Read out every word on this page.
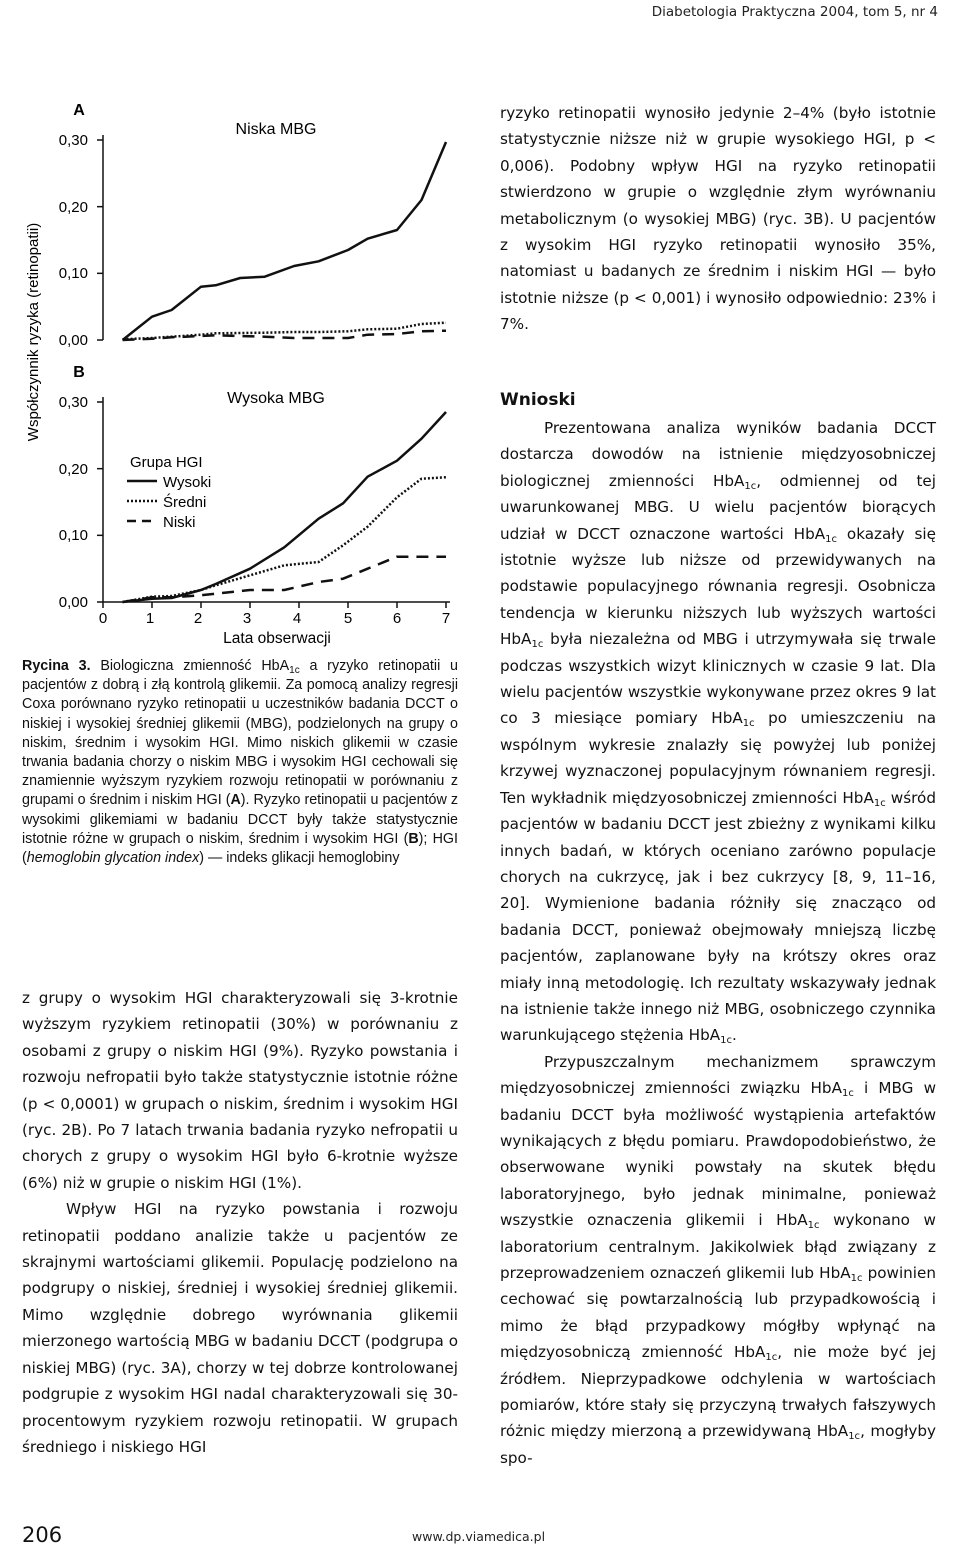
Diabetologia Praktyczna 2004, tom 5, nr 4
Współczynnik ryzyka (retinopatii)
Lata obserwacji
A
Niska MBG
0,30
0,20
0,10
0,00
B
Wysoka MBG
0,30
0,20
0,10
0,00
0	1	2	3	4	5	6	7
Grupa HGI
Wysoki
Średni
Niski
Rycina 3. Biologiczna zmienność HbA$_{1c}$ a ryzyko retinopatii u pacjentów z dobrą i złą kontrolą glikemii. Za pomocą analizy regresji Coxa porównano ryzyko retinopatii u uczestników badania DCCT o niskiej i wysokiej średniej glikemii (MBG), podzielonych na grupy o niskim, średnim i wysokim HGI. Mimo niskich glikemii w czasie trwania badania chorzy o niskim MBG i wysokim HGI cechowali się znamiennie wyższym ryzykiem rozwoju retinopatii w porównaniu z grupami o średnim i niskim HGI (A). Ryzyko retinopatii u pacjentów z wysokimi glikemiami w badaniu DCCT były także statystycznie istotnie różne w grupach o niskim, średnim i wysokim HGI (B); HGI (hemoglobin glycation index) — indeks glikacji hemoglobiny

z grupy o wysokim HGI charakteryzowali się 3-krotnie wyższym ryzykiem retinopatii (30%) w porównaniu z osobami z grupy o niskim HGI (9%). Ryzyko powstania i rozwoju nefropatii było także statystycznie istotnie różne (p < 0,0001) w grupach o niskim, średnim i wysokim HGI (ryc. 2B). Po 7 latach trwania badania ryzyko nefropatii u chorych z grupy o wysokim HGI było 6-krotnie wyższe (6%) niż w grupie o niskim HGI (1%).

Wpływ HGI na ryzyko powstania i rozwoju retinopatii poddano analizie także u pacjentów ze skrajnymi wartościami glikemii. Populację podzielono na podgrupy o niskiej, średniej i wysokiej średniej glikemii. Mimo względnie dobrego wyrównania glikemii mierzonego wartością MBG w badaniu DCCT (podgrupa o niskiej MBG) (ryc. 3A), chorzy w tej dobrze kontrolowanej podgrupie z wysokim HGI nadal charakteryzowali się 30-procentowym ryzykiem rozwoju retinopatii. W grupach średniego i niskiego HGI

ryzyko retinopatii wynosiło jedynie 2–4% (było istotnie statystycznie niższe niż w grupie wysokiego HGI, p < 0,006). Podobny wpływ HGI na ryzyko retinopatii stwierdzono w grupie o względnie złym wyrównaniu metabolicznym (o wysokiej MBG) (ryc. 3B). U pacjentów z wysokim HGI ryzyko retinopatii wynosiło 35%, natomiast u badanych ze średnim i niskim HGI — było istotnie niższe (p < 0,001) i wynosiło odpowiednio: 23% i 7%.

Wnioski

Prezentowana analiza wyników badania DCCT dostarcza dowodów na istnienie międzyosobniczej biologicznej zmienności HbA$_{1c}$, odmiennej od tej uwarunkowanej MBG. U wielu pacjentów biorących udział w DCCT oznaczone wartości HbA$_{1c}$ okazały się istotnie wyższe lub niższe od przewidywanych na podstawie populacyjnego równania regresji. Osobnicza tendencja w kierunku niższych lub wyższych wartości HbA$_{1c}$ była niezależna od MBG i utrzymywała się trwale podczas wszystkich wizyt klinicznych w czasie 9 lat. Dla wielu pacjentów wszystkie wykonywane przez okres 9 lat co 3 miesiące pomiary HbA$_{1c}$ po umieszczeniu na wspólnym wykresie znalazły się powyżej lub poniżej krzywej wyznaczonej populacyjnym równaniem regresji. Ten wykładnik międzyosobniczej zmienności HbA$_{1c}$ wśród pacjentów w badaniu DCCT jest zbieżny z wynikami kilku innych badań, w których oceniano zarówno populacje chorych na cukrzycę, jak i bez cukrzycy [8, 9, 11–16, 20]. Wymienione badania różniły się znacząco od badania DCCT, ponieważ obejmowały mniejszą liczbę pacjentów, zaplanowane były na krótszy okres oraz miały inną metodologię. Ich rezultaty wskazywały jednak na istnienie także innego niż MBG, osobniczego czynnika warunkującego stężenia HbA$_{1c}$.

Przypuszczalnym mechanizmem sprawczym międzyosobniczej zmienności związku HbA$_{1c}$ i MBG w badaniu DCCT była możliwość wystąpienia artefaktów wynikających z błędu pomiaru. Prawdopodobieństwo, że obserwowane wyniki powstały na skutek błędu laboratoryjnego, było jednak minimalne, ponieważ wszystkie oznaczenia glikemii i HbA$_{1c}$ wykonano w laboratorium centralnym. Jakikolwiek błąd związany z przeprowadzeniem oznaczeń glikemii lub HbA$_{1c}$ powinien cechować się powtarzalnością lub przypadkowością i mimo że błąd przypadkowy mógłby wpłynąć na międzyosobniczą zmienność HbA$_{1c}$, nie może być jej źródłem. Nieprzypadkowe odchylenia w wartościach pomiarów, które stały się przyczyną trwałych fałszywych różnic między mierzoną a przewidywaną HbA$_{1c}$, mogłyby spo-

206	www.dp.viamedica.pl
